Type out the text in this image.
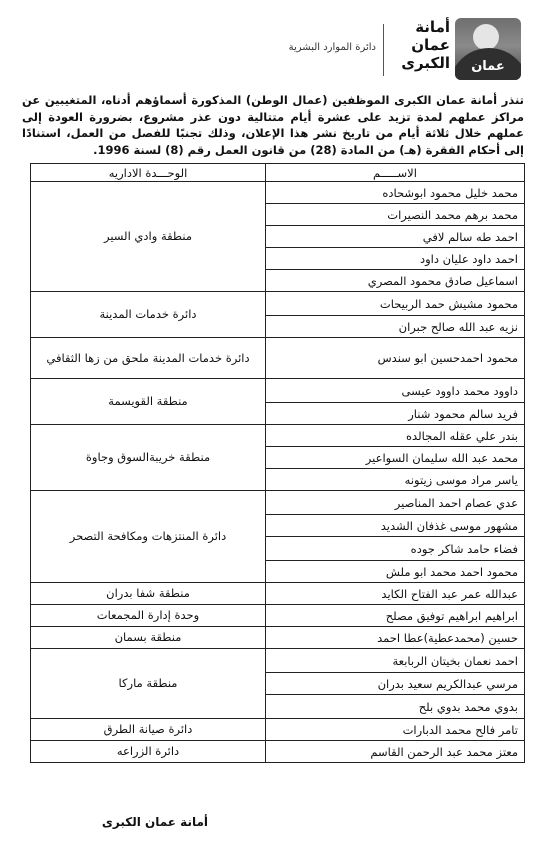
عمان
أمانة
عمان
الكبرى
دائرة الموارد البشرية
تنذر أمانة عمان الكبرى الموظفين (عمال الوطن) المذكورة أسماؤهم أدناه، المتغيبين عن مراكز عملهم لمدة تزيد على عشرة أيام متتالية دون عذر مشروع، بضرورة العودة إلى عملهم خلال ثلاثة أيام من تاريخ نشر هذا الإعلان، وذلك تجنبًا للفصل من العمل، استنادًا إلى أحكام الفقرة (هـ) من المادة (28) من قانون العمل رقم (8) لسنة 1996.
الاســـــم	الوحـــدة الاداريه
محمد خليل محمود ابوشحاده	منطقة وادي السير
محمد برهم محمد النصيرات	
احمد طه سالم لافي	
احمد داود عليان داود	
اسماعيل صادق محمود المصري	
محمود مشيش حمد الربيحات	دائرة خدمات المدينة
نزيه عبد الله صالح جبران	
محمود احمدحسين ابو سندس	دائرة خدمات المدينة ملحق من زها الثقافي
داوود محمد داوود عيسى	منطقة القويسمة
فريد سالم محمود شنار	
بندر علي عقله المجالده	منطقة خريبةالسوق وجاوة
محمد عبد الله سليمان السواعير	
ياسر مراد موسى زيتونه	
عدي عصام احمد المناصير	دائرة المنتزهات ومكافحة التصحر
مشهور موسى غذفان الشديد	
فضاء حامد شاكر جوده	
محمود احمد محمد ابو ملش	
عبدالله عمر عبد الفتاح الكايد	منطقة شفا بدران
ابراهيم ابراهيم توفيق مصلح	وحدة إدارة المجمعات
حسين (محمدعطية)عطا احمد	منطقة بسمان
احمد نعمان بخيتان الربابعة	منطقة ماركا
مرسي عبدالكريم سعيد بدران	
بدوي محمد بدوي بلح	
تامر فالح محمد الدبارات	دائرة صيانة الطرق
معتز محمد عبد الرحمن القاسم	دائرة الزراعه
أمانة عمان الكبرى
